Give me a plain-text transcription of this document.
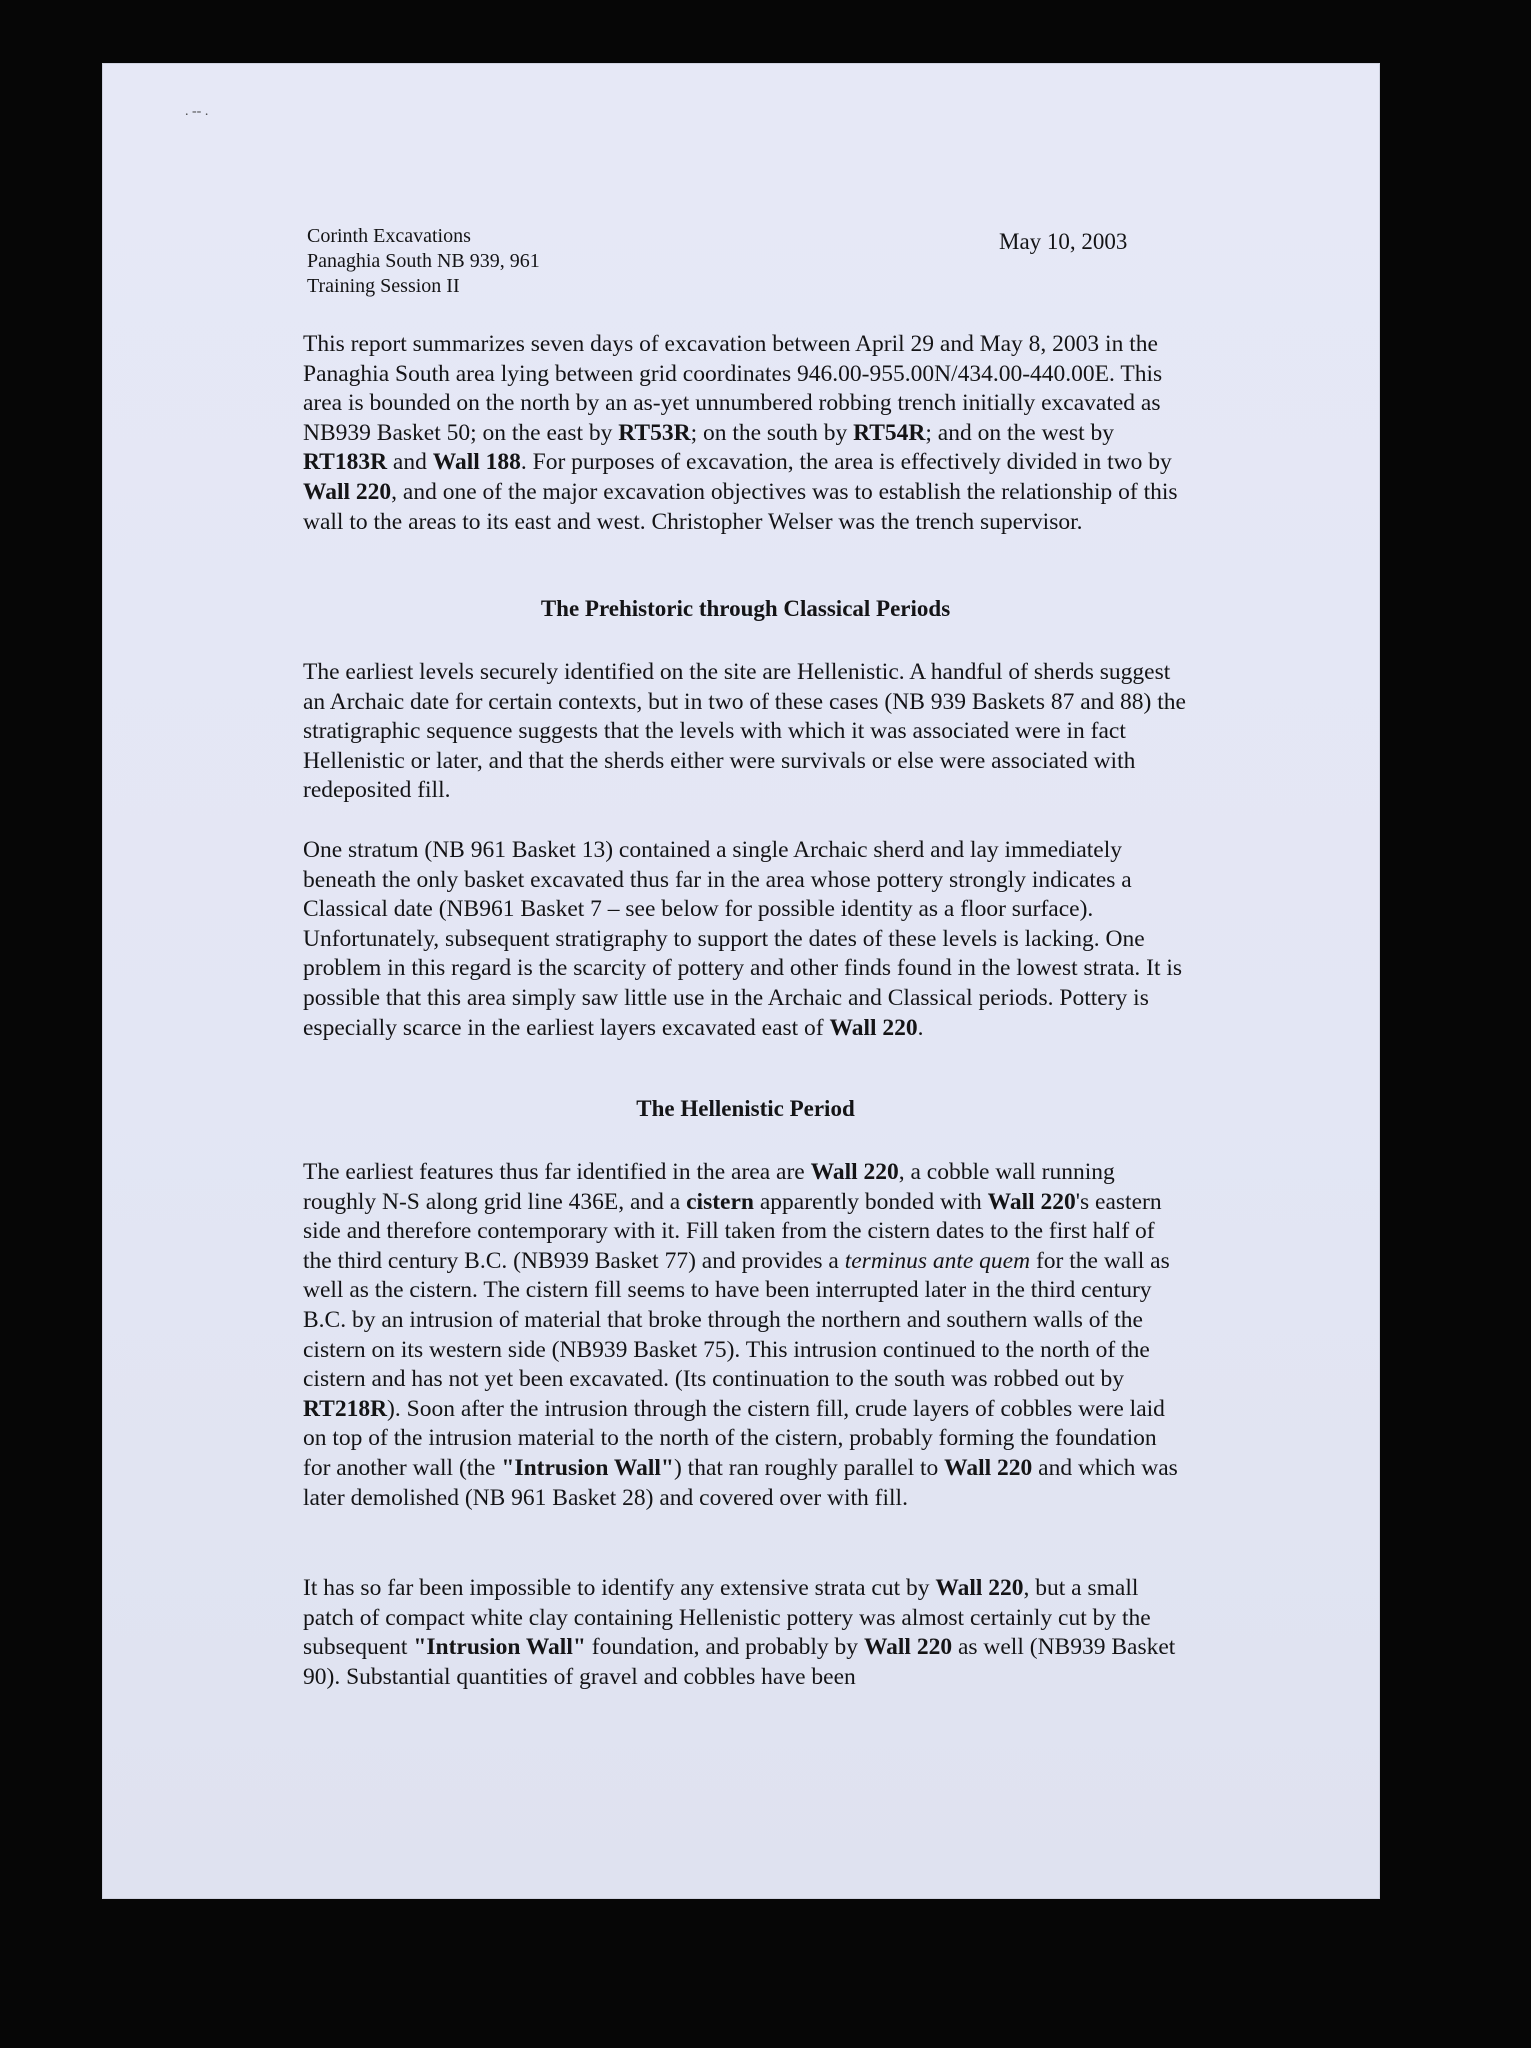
. -- .
Corinth Excavations
Panaghia South NB 939, 961
Training Session II
May 10, 2003

This report summarizes seven days of excavation between April 29 and May 8, 2003 in the Panaghia South area lying between grid coordinates 946.00-955.00N/434.00-440.00E. This area is bounded on the north by an as-yet unnumbered robbing trench initially excavated as NB939 Basket 50; on the east by RT53R; on the south by RT54R; and on the west by RT183R and Wall 188. For purposes of excavation, the area is effectively divided in two by Wall 220, and one of the major excavation objectives was to establish the relationship of this wall to the areas to its east and west. Christopher Welser was the trench supervisor.

The Prehistoric through Classical Periods

The earliest levels securely identified on the site are Hellenistic. A handful of sherds suggest an Archaic date for certain contexts, but in two of these cases (NB 939 Baskets 87 and 88) the stratigraphic sequence suggests that the levels with which it was associated were in fact Hellenistic or later, and that the sherds either were survivals or else were associated with redeposited fill.

One stratum (NB 961 Basket 13) contained a single Archaic sherd and lay immediately beneath the only basket excavated thus far in the area whose pottery strongly indicates a Classical date (NB961 Basket 7 – see below for possible identity as a floor surface). Unfortunately, subsequent stratigraphy to support the dates of these levels is lacking. One problem in this regard is the scarcity of pottery and other finds found in the lowest strata. It is possible that this area simply saw little use in the Archaic and Classical periods. Pottery is especially scarce in the earliest layers excavated east of Wall 220.

The Hellenistic Period

The earliest features thus far identified in the area are Wall 220, a cobble wall running roughly N-S along grid line 436E, and a cistern apparently bonded with Wall 220's eastern side and therefore contemporary with it. Fill taken from the cistern dates to the first half of the third century B.C. (NB939 Basket 77) and provides a terminus ante quem for the wall as well as the cistern. The cistern fill seems to have been interrupted later in the third century B.C. by an intrusion of material that broke through the northern and southern walls of the cistern on its western side (NB939 Basket 75). This intrusion continued to the north of the cistern and has not yet been excavated. (Its continuation to the south was robbed out by RT218R). Soon after the intrusion through the cistern fill, crude layers of cobbles were laid on top of the intrusion material to the north of the cistern, probably forming the foundation for another wall (the "Intrusion Wall") that ran roughly parallel to Wall 220 and which was later demolished (NB 961 Basket 28) and covered over with fill.

It has so far been impossible to identify any extensive strata cut by Wall 220, but a small patch of compact white clay containing Hellenistic pottery was almost certainly cut by the subsequent "Intrusion Wall" foundation, and probably by Wall 220 as well (NB939 Basket 90). Substantial quantities of gravel and cobbles have been
